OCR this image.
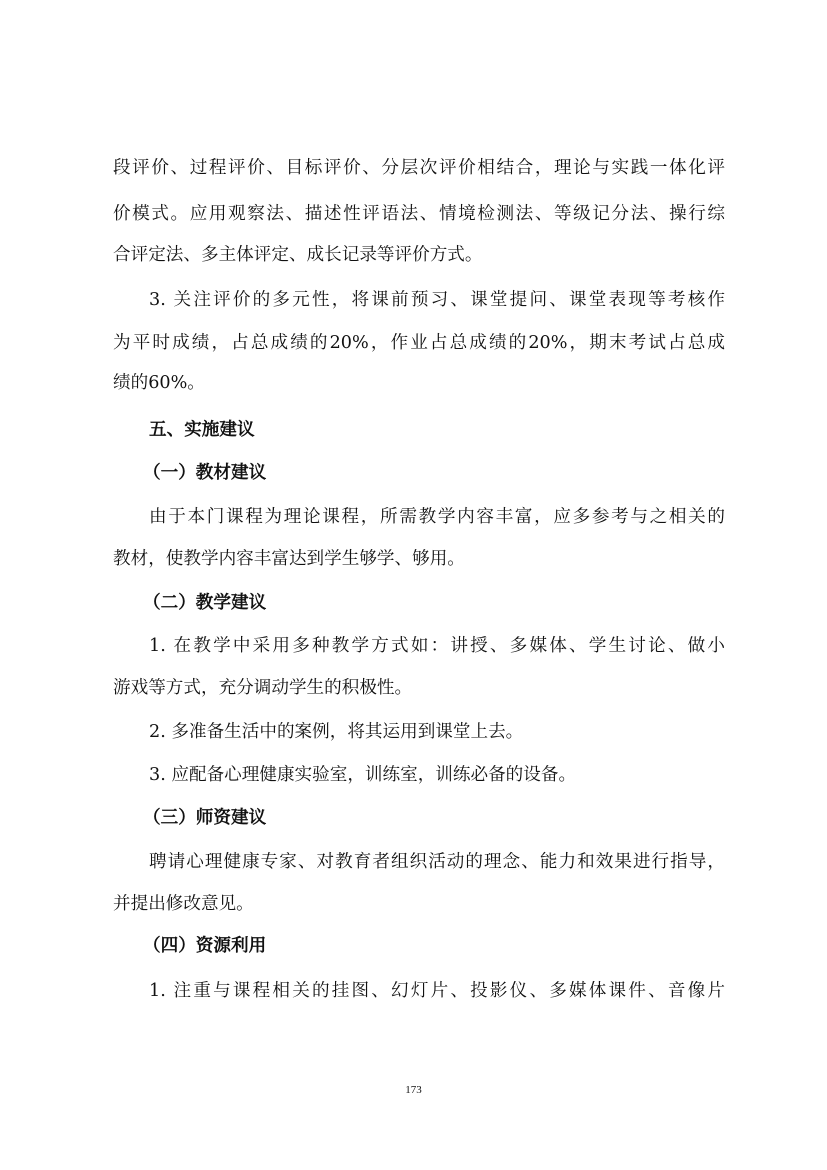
段评价、过程评价、目标评价、分层次评价相结合，理论与实践一体化评
价模式。应用观察法、描述性评语法、情境检测法、等级记分法、操行综
合评定法、多主体评定、成长记录等评价方式。
3. 关注评价的多元性，将课前预习、课堂提问、课堂表现等考核作
为平时成绩，占总成绩的20%，作业占总成绩的20%，期末考试占总成
绩的60%。
五、实施建议
（一）教材建议
由于本门课程为理论课程，所需教学内容丰富，应多参考与之相关的
教材，使教学内容丰富达到学生够学、够用。
（二）教学建议
1. 在教学中采用多种教学方式如：讲授、多媒体、学生讨论、做小
游戏等方式，充分调动学生的积极性。
2. 多准备生活中的案例，将其运用到课堂上去。
3. 应配备心理健康实验室，训练室，训练必备的设备。
（三）师资建议
聘请心理健康专家、对教育者组织活动的理念、能力和效果进行指导，
并提出修改意见。
（四）资源利用
1. 注重与课程相关的挂图、幻灯片、投影仪、多媒体课件、音像片
173
